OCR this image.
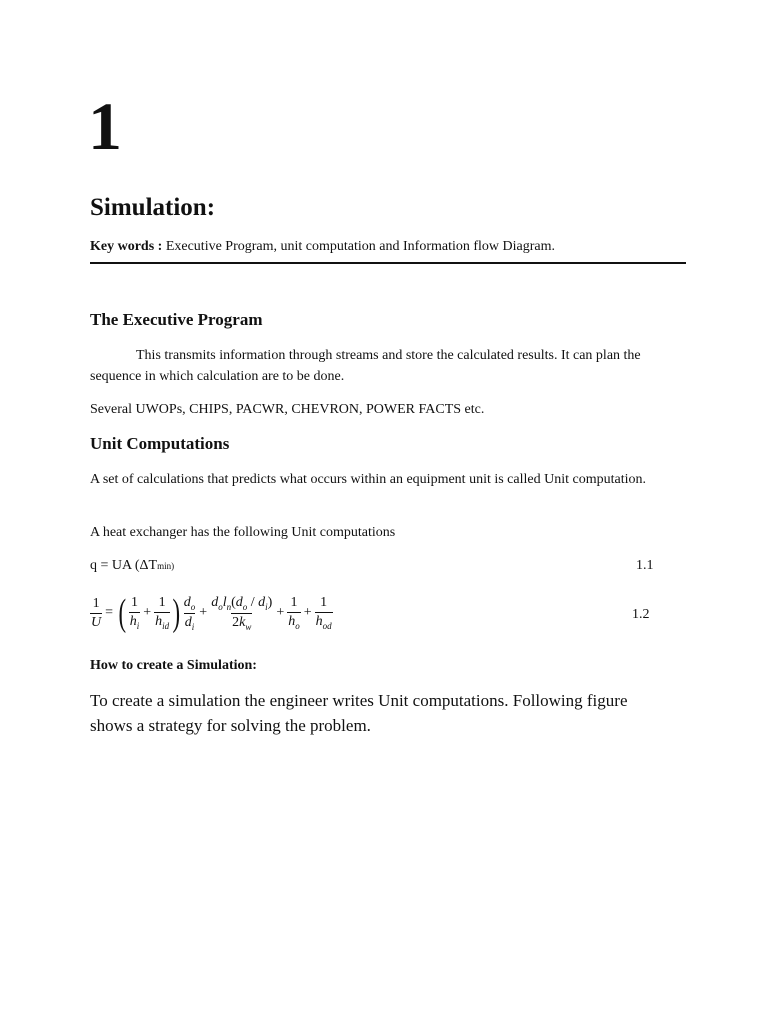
1
Simulation:
Key words : Executive Program, unit computation and Information flow Diagram.
The Executive Program

This transmits information through streams and store the calculated results. It can plan the sequence in which calculation are to be done.

Several UWOPs, CHIPS, PACWR, CHEVRON, POWER FACTS etc.

Unit Computations

A set of calculations that predicts what occurs within an equipment unit is called Unit computation.

A heat exchanger has the following Unit computations

q = UA (ΔT min)	1.1
$\frac{1}{U}$ = ( $\frac{1}{h_i} + \frac{1}{h_{id}}$ ) $\frac{d_o}{d_i} + \frac{d_ol_n(d_o / d_i)}{2k_w} + \frac{1}{h_o} + \frac{1}{h_{od}}$	1.2
How to create a Simulation:

To create a simulation the engineer writes Unit computations. Following figure shows a strategy for solving the problem.
